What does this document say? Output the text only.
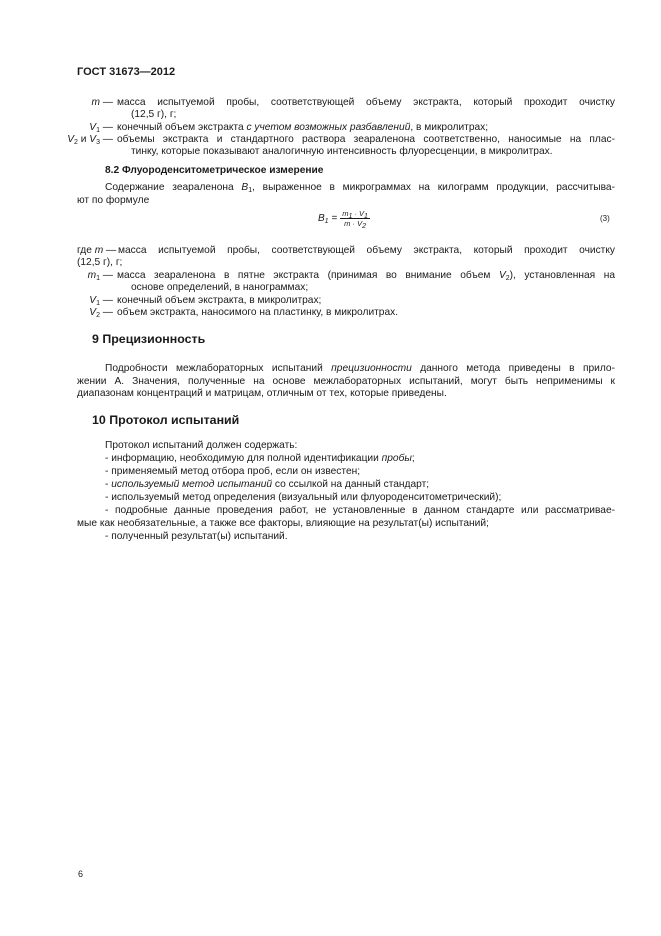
ГОСТ 31673—2012
m — масса испытуемой пробы, соответствующей объему экстракта, который проходит очистку
(12,5 г), г;
$V_1$ — конечный объем экстракта с учетом возможных разбавлений, в микролитрах;
$V_2$ и $V_3$ — объемы экстракта и стандартного раствора зеараленона соответственно, наносимые на плас-
тинку, которые показывают аналогичную интенсивность флуоресценции, в микролитрах.
8.2 Флуороденситометрическое измерение
Содержание зеараленона $B_1$, выраженное в микрограммах на килограмм продукции, рассчитыва-
ют по формуле
$B_1 = \frac{m_1 \cdot V_1}{m \cdot V_2}$	(3)
где m — масса испытуемой пробы, соответствующей объему экстракта, который проходит очистку
(12,5 г), г;
$m_1$ — масса зеараленона в пятне экстракта (принимая во внимание объем $V_2$), установленная на
основе определений, в нанограммах;
$V_1$ — конечный объем экстракта, в микролитрах;
$V_2$ — объем экстракта, наносимого на пластинку, в микролитрах.
9 Прецизионность
Подробности межлабораторных испытаний прецизионности данного метода приведены в прило-
жении А. Значения, полученные на основе межлабораторных испытаний, могут быть неприменимы к
диапазонам концентраций и матрицам, отличным от тех, которые приведены.
10 Протокол испытаний
Протокол испытаний должен содержать:
- информацию, необходимую для полной идентификации пробы;
- применяемый метод отбора проб, если он известен;
- используемый метод испытаний со ссылкой на данный стандарт;
- используемый метод определения (визуальный или флуороденситометрический);
- подробные данные проведения работ, не установленные в данном стандарте или рассматривае-
мые как необязательные, а также все факторы, влияющие на результат(ы) испытаний;
- полученный результат(ы) испытаний.
6
